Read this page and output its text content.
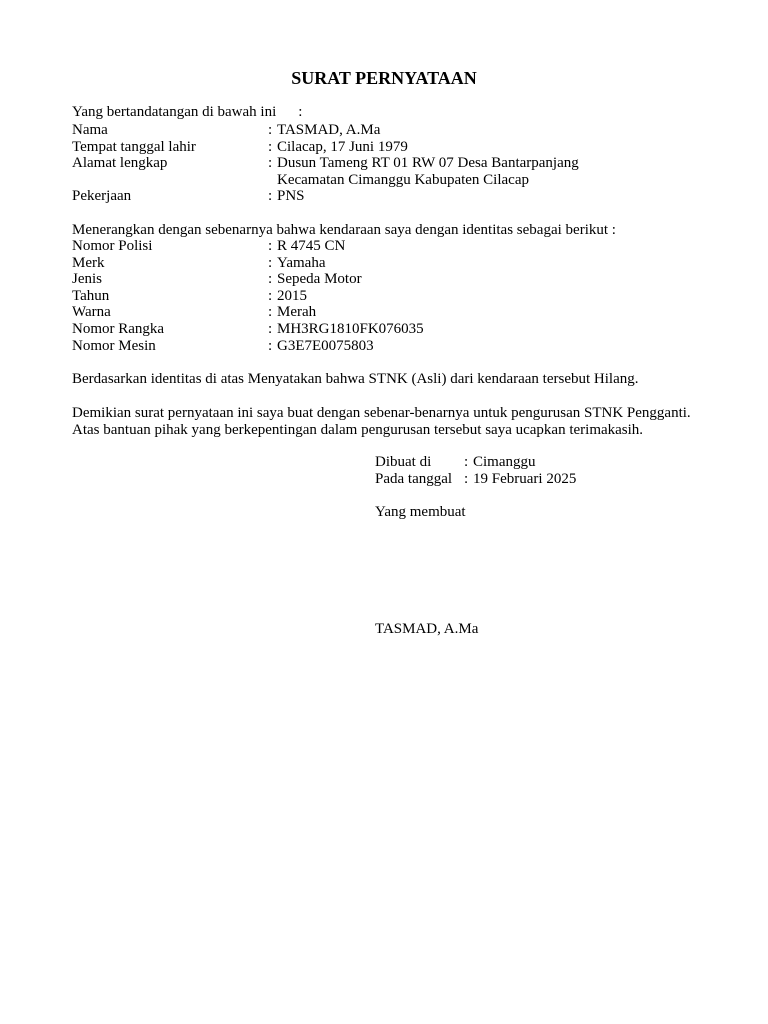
SURAT PERNYATAAN
Yang bertandatangan di bawah ini :
Nama	: TASMAD, A.Ma
Tempat tanggal lahir	: Cilacap, 17 Juni 1979
Alamat lengkap	: Dusun Tameng RT 01 RW 07 Desa Bantarpanjang
Kecamatan Cimanggu Kabupaten Cilacap
Pekerjaan	: PNS
Menerangkan dengan sebenarnya bahwa kendaraan saya dengan identitas sebagai berikut :
Nomor Polisi	: R 4745 CN
Merk	: Yamaha
Jenis	: Sepeda Motor
Tahun	: 2015
Warna	: Merah
Nomor Rangka	: MH3RG1810FK076035
Nomor Mesin	: G3E7E0075803
Berdasarkan identitas di atas Menyatakan bahwa STNK (Asli) dari kendaraan tersebut Hilang.
Demikian surat pernyataan ini saya buat dengan sebenar-benarnya untuk pengurusan STNK Pengganti.
Atas bantuan pihak yang berkepentingan dalam pengurusan tersebut saya ucapkan terimakasih.
Dibuat di	: Cimanggu
Pada tanggal : 19 Februari 2025
Yang membuat
TASMAD, A.Ma
